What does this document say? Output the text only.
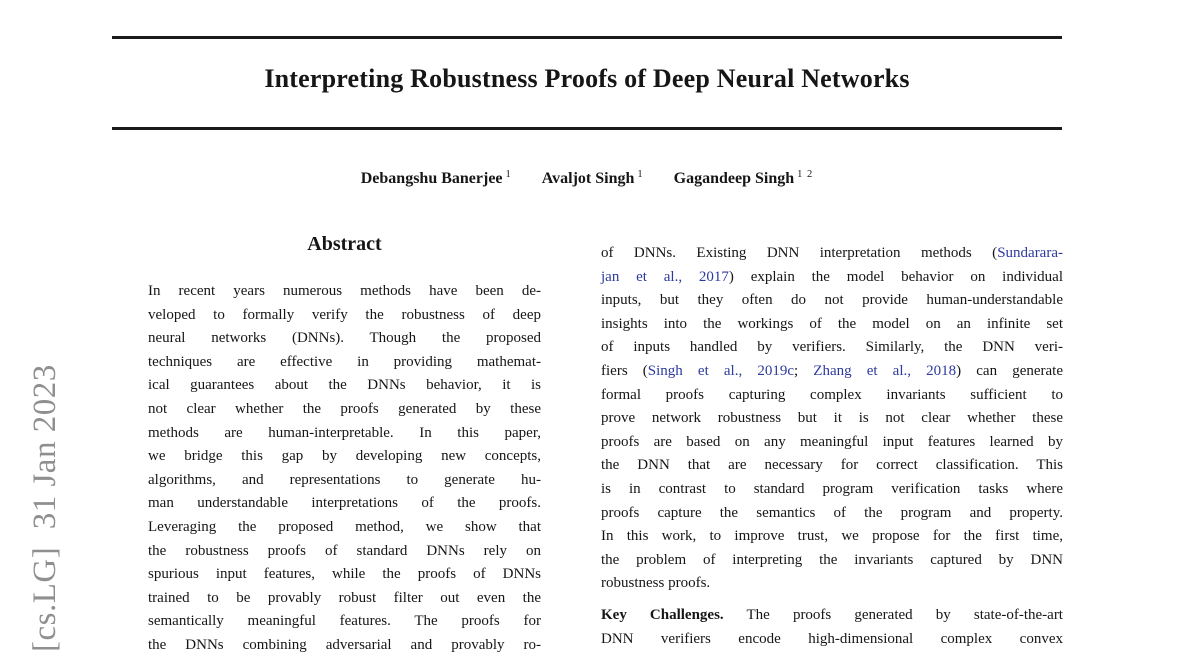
Interpreting Robustness Proofs of Deep Neural Networks
Debangshu Banerjee $^1$ Avaljot Singh $^1$ Gagandeep Singh $^{1 2}$
Abstract
In recent years numerous methods have been de-
veloped to formally verify the robustness of deep
neural networks (DNNs). Though the proposed
techniques are effective in providing mathemat-
ical guarantees about the DNNs behavior, it is
not clear whether the proofs generated by these
methods are human-interpretable. In this paper,
we bridge this gap by developing new concepts,
algorithms, and representations to generate hu-
man understandable interpretations of the proofs.
Leveraging the proposed method, we show that
the robustness proofs of standard DNNs rely on
spurious input features, while the proofs of DNNs
trained to be provably robust filter out even the
semantically meaningful features. The proofs for
the DNNs combining adversarial and provably ro-
of DNNs. Existing DNN interpretation methods (Sundarara-
jan et al., 2017) explain the model behavior on individual
inputs, but they often do not provide human-understandable
insights into the workings of the model on an infinite set
of inputs handled by verifiers. Similarly, the DNN veri-
fiers (Singh et al., 2019c; Zhang et al., 2018) can generate
formal proofs capturing complex invariants sufficient to
prove network robustness but it is not clear whether these
proofs are based on any meaningful input features learned by
the DNN that are necessary for correct classification. This
is in contrast to standard program verification tasks where
proofs capture the semantics of the program and property.
In this work, to improve trust, we propose for the first time,
the problem of interpreting the invariants captured by DNN
robustness proofs.
Key Challenges. The proofs generated by state-of-the-art
DNN verifiers encode high-dimensional complex convex
[cs.LG]  31 Jan 2023
